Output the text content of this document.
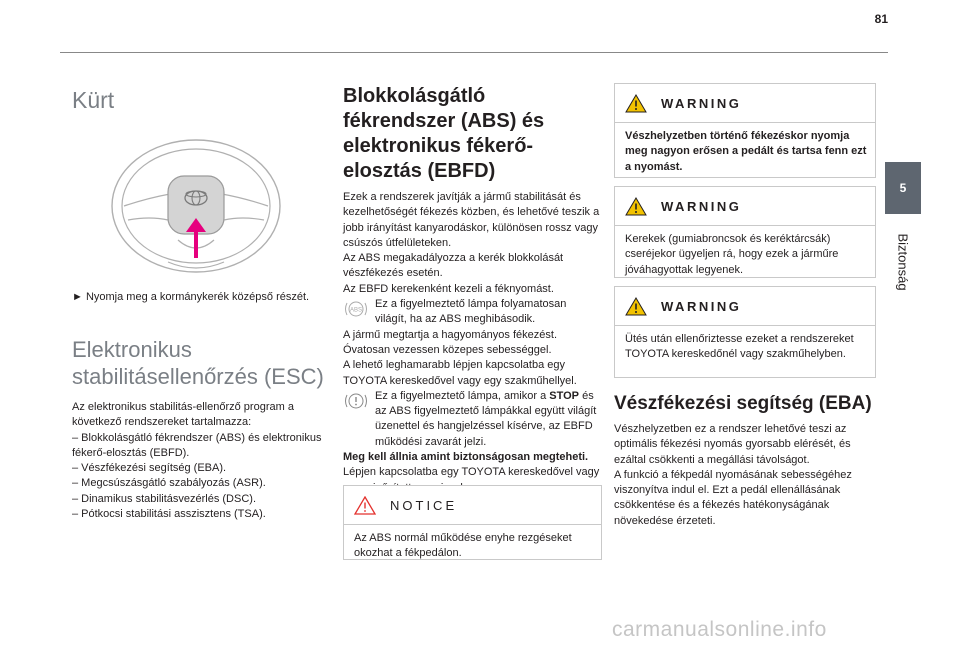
81
5
Biztonság
Kürt

► Nyomja meg a kormánykerék középső részét.

Elektronikus stabilitásellenőrzés (ESC)

Az elektronikus stabilitás-ellenőrző program a következő rendszereket tartalmazza:

– Blokkolásgátló fékrendszer (ABS) és elektronikus fékerő-elosztás (EBFD).

– Vészfékezési segítség (EBA).

– Megcsúszásgátló szabályozás (ASR).

– Dinamikus stabilitásvezérlés (DSC).

– Pótkocsi stabilitási asszisztens (TSA).

Blokkolásgátló fékrendszer (ABS) és elektronikus fékerő-elosztás (EBFD)

Ezek a rendszerek javítják a jármű stabilitását és kezelhetőségét fékezés közben, és lehetővé teszik a jobb irányítást kanyarodáskor, különösen rossz vagy csúszós útfelületeken.

Az ABS megakadályozza a kerék blokkolását vészfékezés esetén.

Az EBFD kerekenként kezeli a féknyomást.

ABS

Ez a figyelmeztető lámpa folyamatosan világít, ha az ABS meghibásodik.

A jármű megtartja a hagyományos fékezést.

Óvatosan vezessen közepes sebességgel.

A lehető leghamarabb lépjen kapcsolatba egy TOYOTA kereskedővel vagy egy szakműhellyel.

Ez a figyelmeztető lámpa, amikor a STOP és az ABS figyelmeztető lámpákkal együtt világít üzenettel és hangjelzéssel kísérve, az EBFD működési zavarát jelzi.

Meg kell állnia amint biztonságosan megteheti.

Lépjen kapcsolatba egy TOYOTA kereskedővel vagy

NOTICE
Az ABS normál működése enyhe rezgéseket okozhat a fékpedálon.
WARNING
Vészhelyzetben történő fékezéskor nyomja meg nagyon erősen a pedált és tartsa fenn ezt a nyomást.
WARNING
Kerekek (gumiabroncsok és keréktárcsák) cseréjekor ügyeljen rá, hogy ezek a járműre jóváhagyottak legyenek.
WARNING
Ütés után ellenőriztesse ezeket a rendszereket TOYOTA kereskedőnél vagy szakműhelyben.
Vészfékezési segítség (EBA)

Vészhelyzetben ez a rendszer lehetővé teszi az optimális fékezési nyomás gyorsabb elérését, és ezáltal csökkenti a megállási távolságot.

A funkció a fékpedál nyomásának sebességéhez viszonyítva indul el. Ezt a pedál ellenállásának csökkentése és a fékezés hatékonyságának növekedése érzeteti.

carmanualsonline.info
